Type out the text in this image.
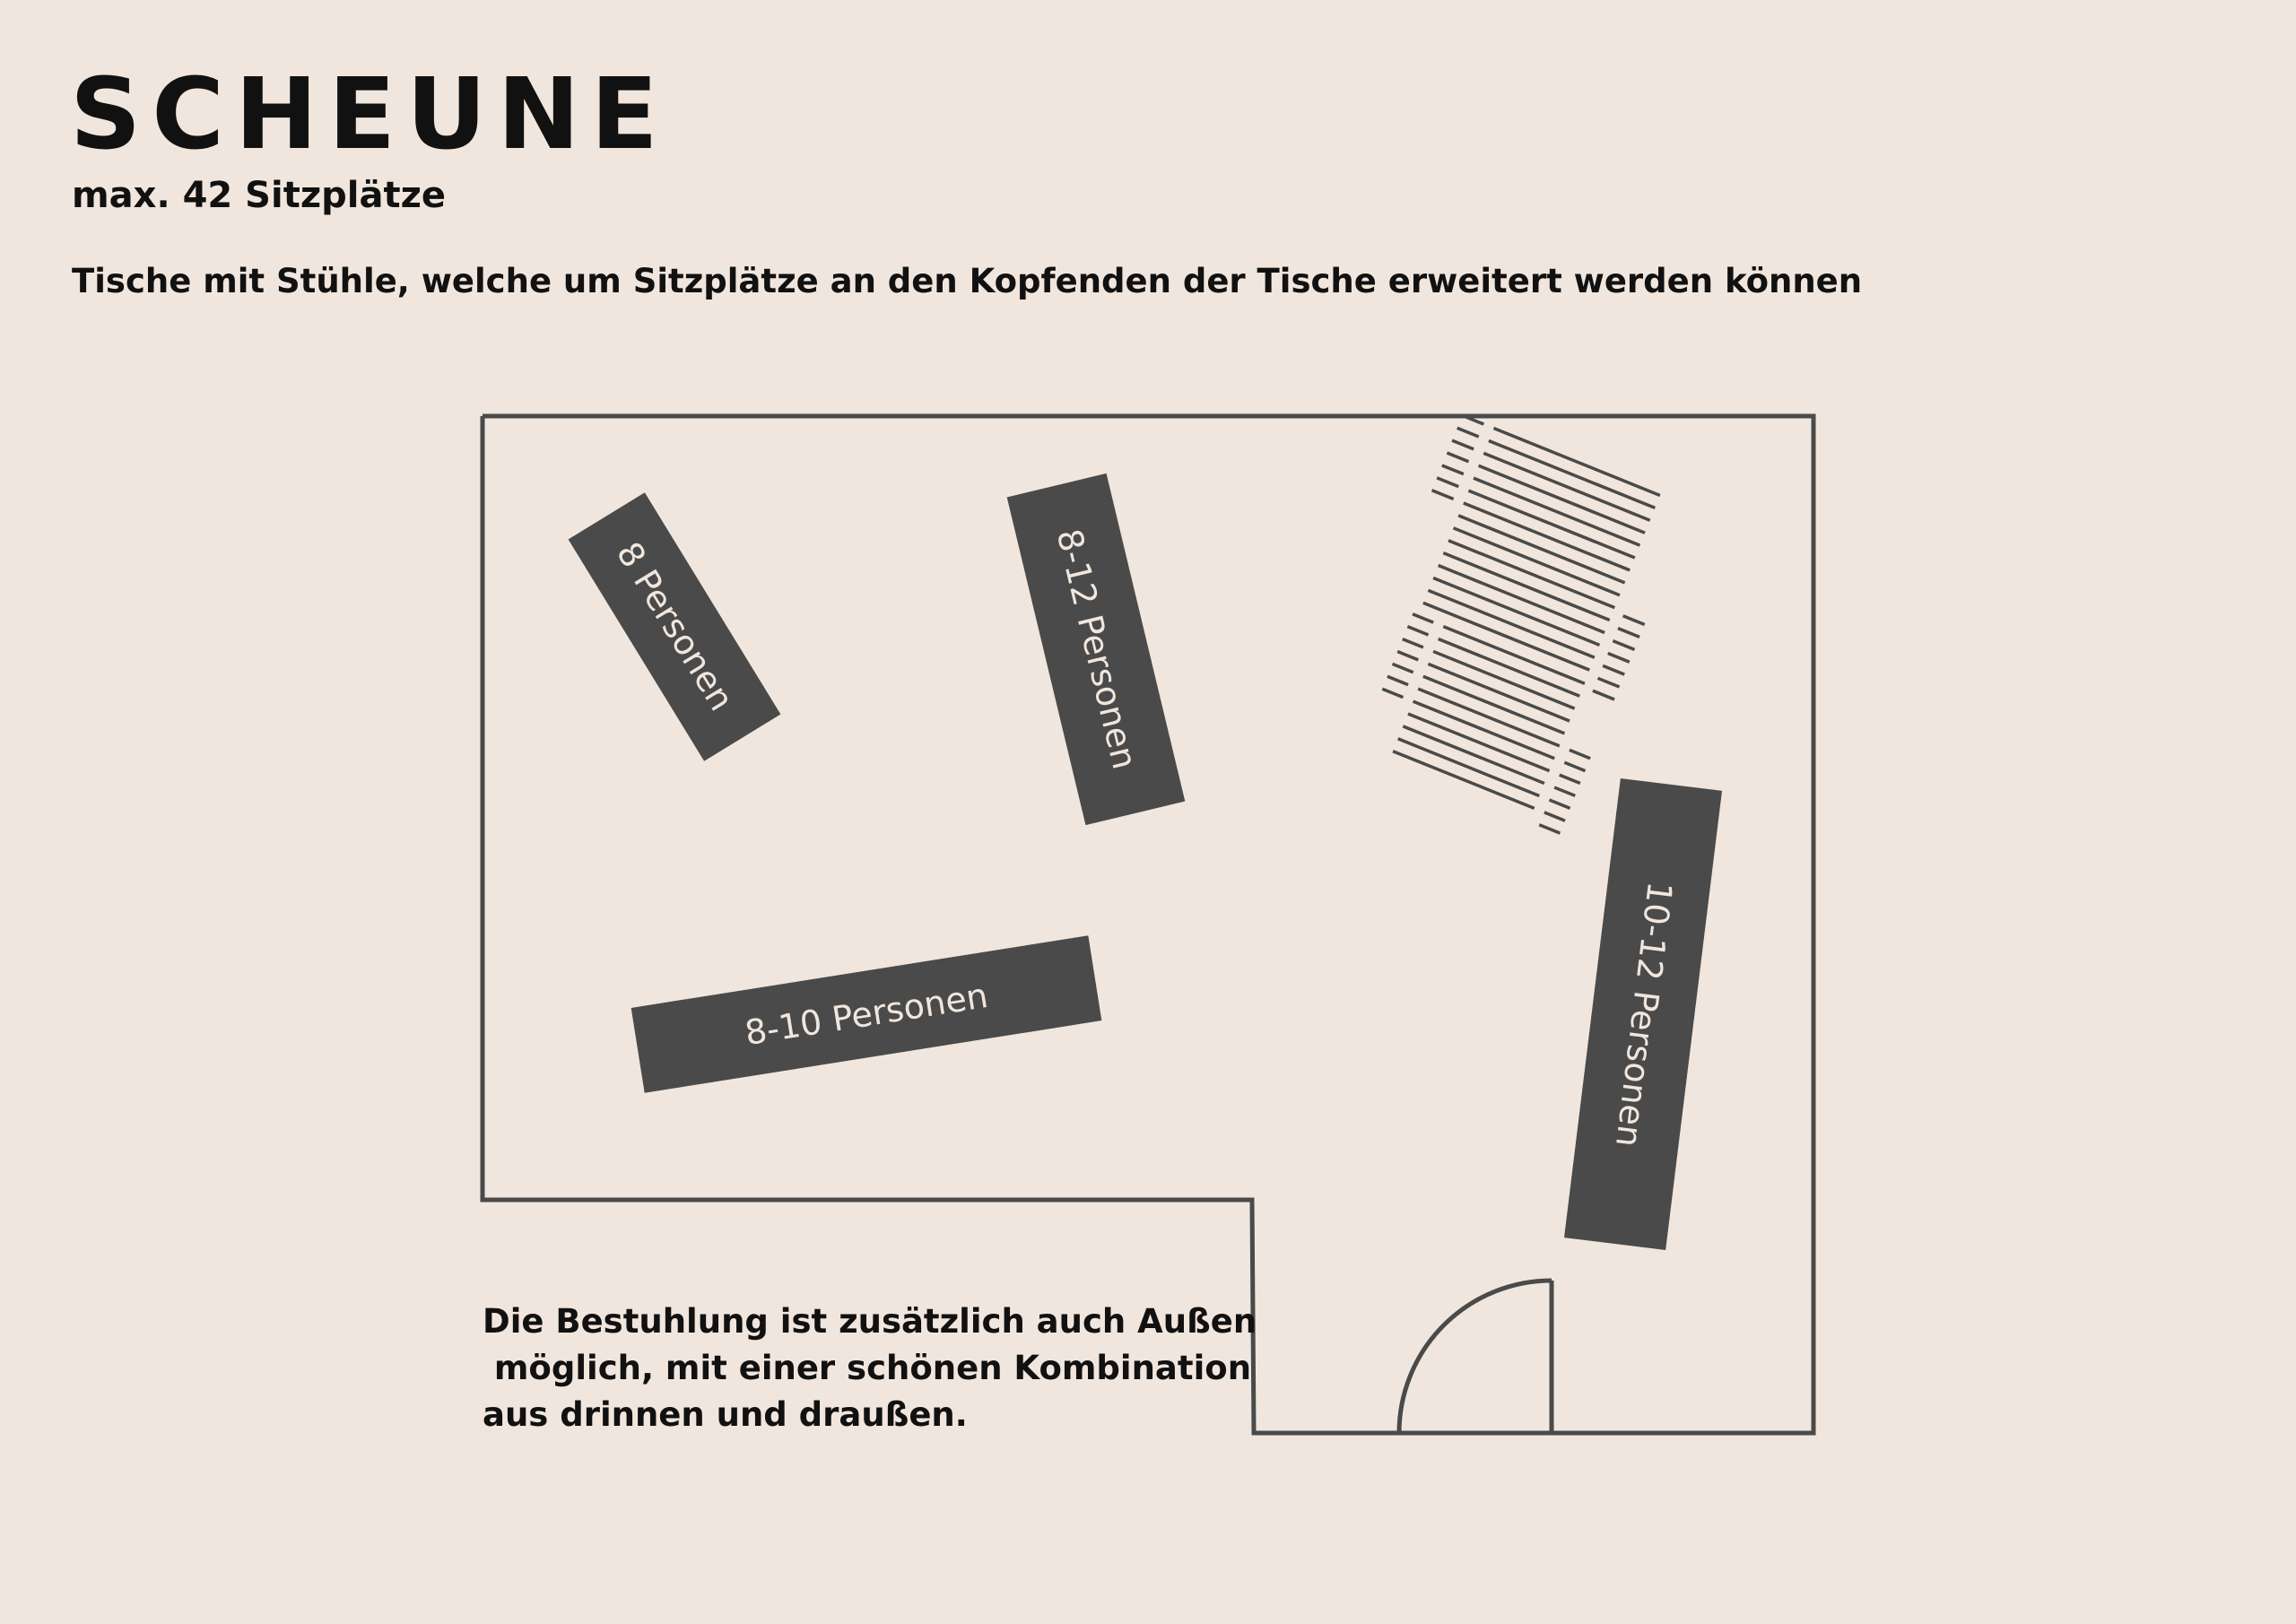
SCHEUNE
max. 42 Sitzplätze
Tische mit Stühle, welche um Sitzplätze an den Kopfenden der Tische erweitert werden können
8 Personen	8-12 Personen
8-10 Personen	10-12 Personen
Die Bestuhlung ist zusätzlich auch Außen
möglich, mit einer schönen Kombination
aus drinnen und draußen.
